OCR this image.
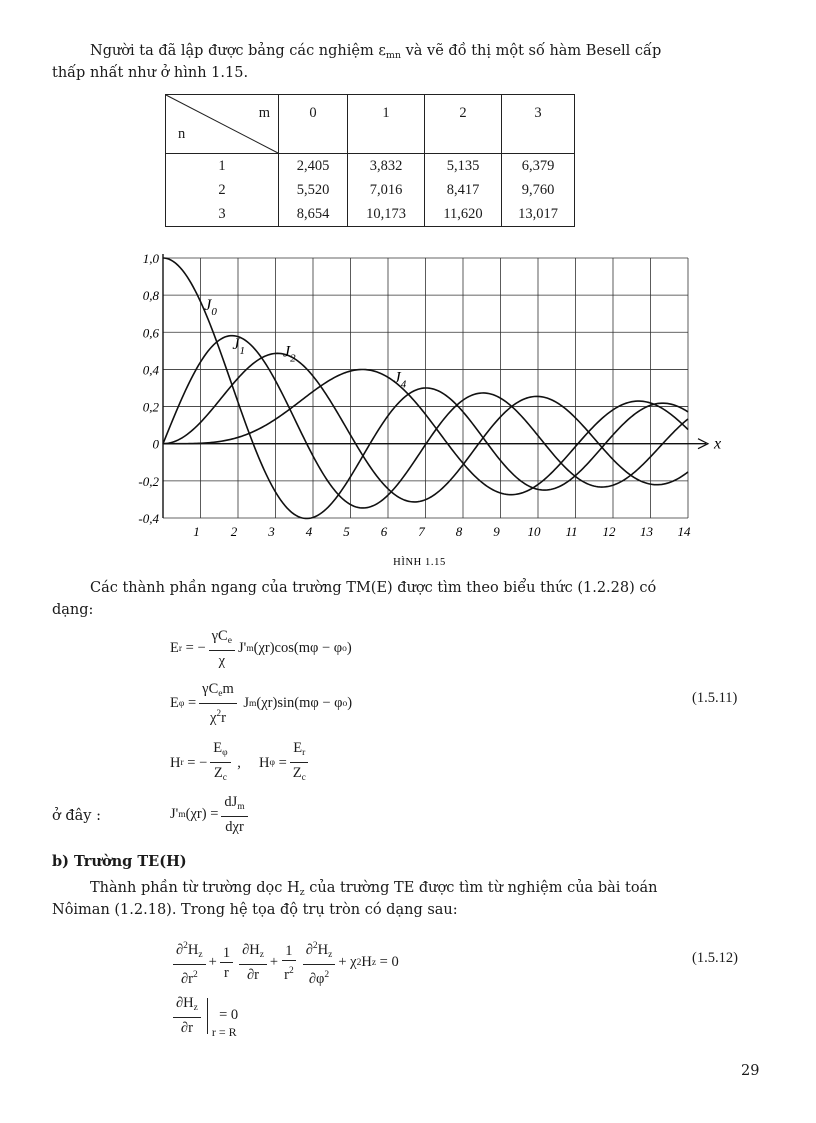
Người ta đã lập được bảng các nghiệm $\varepsilon_{mn}$ và vẽ đồ thị một số hàm Besell cấp
thấp nhất như ở hình 1.15.
m
n	0	1	2	3

1	2,405	3,832	5,135	6,379
2	5,520	7,016	8,417	9,760
3	8,654	10,173	11,620	13,017
x
1,0
0,8
0,6
0,4
0,2
0
-0,2
-0,4
1 2 3 4 5 6 7 8 9 10 11 12 13 14
$J_0$
$J_1$ $J_2$
$J_4$
HÌNH 1.15
Các thành phần ngang của trường TM(E) được tìm theo biểu thức (1.2.28) có
dạng:
E r = − $\frac{\gamma C_e}{\chi} J'$ m (χr)cos(mφ − φ o )
E $\varphi = \frac{\gamma C_em}{\chi^2r}$ J m (χr)sin(mφ − φ o )	(1.5.11)
H r = − $\frac{E_\varphi}{Z_c}$ ,     H $\varphi = \frac{E_r}{Z_c}$
ở đây :	J' m $(\chi r) = \frac{dJ_m}{\text{dχr}}$
b) Trường TE(H)
Thành phần từ trường dọc $H_z$ của trường TE được tìm từ nghiệm của bài toán
Nôiman (1.2.18). Trong hệ tọa độ trụ tròn có dạng sau:
$\frac{\partial^2H_z}{\partial r^2} + \frac{1}{r} \frac{\partial H_z}{\partial r} + \frac{1}{r^2} \frac{\partial^2H_z}{\partial\varphi^2} + \chi$ 2 H z = 0	(1.5.12)
$\frac{\partial H_z}{\partial r}$ r = R
= 0
29
